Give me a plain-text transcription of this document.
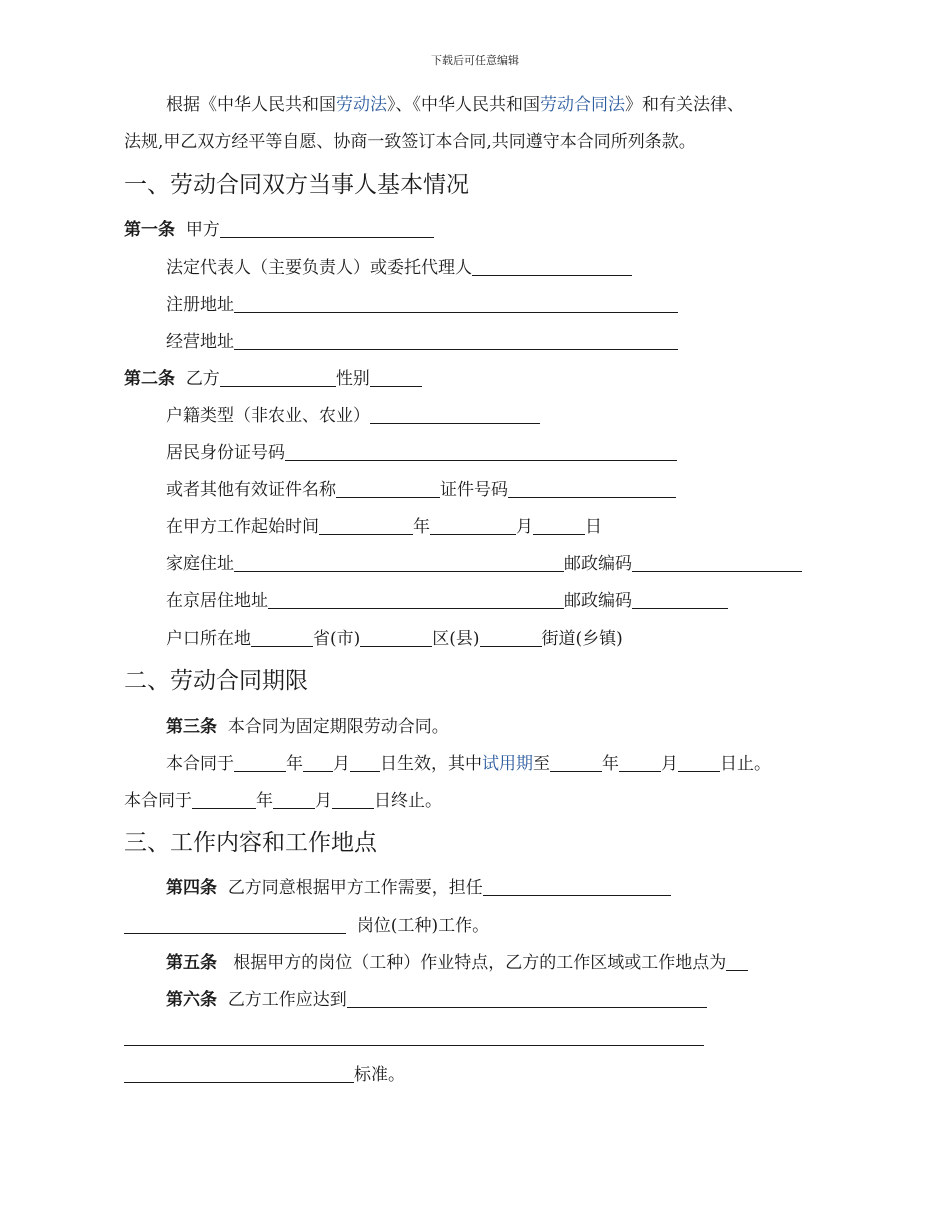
下载后可任意编辑
根据《中华人民共和国劳动法》、《中华人民共和国劳动合同法》和有关法律、
法规,甲乙双方经平等自愿、协商一致签订本合同,共同遵守本合同所列条款。
一、劳动合同双方当事人基本情况
第一条 甲方
法定代表人（主要负责人）或委托代理人
注册地址
经营地址
第二条 乙方	性别
户籍类型（非农业、农业）
居民身份证号码
或者其他有效证件名称	证件号码
在甲方工作起始时间	年	月	日
家庭住址	邮政编码
在京居住地址	邮政编码
户口所在地	省(市)	区(县)	街道(乡镇)
二、劳动合同期限
第三条 本合同为固定期限劳动合同。
本合同于	年 月 日生效，其中试用期至	年 月 日止。
本合同于	年 月 日终止。
三、工作内容和工作地点
第四条 乙方同意根据甲方工作需要，担任
岗位(工种)工作。
第五条 根据甲方的岗位（工种）作业特点，乙方的工作区域或工作地点为
第六条 乙方工作应达到
标准。
